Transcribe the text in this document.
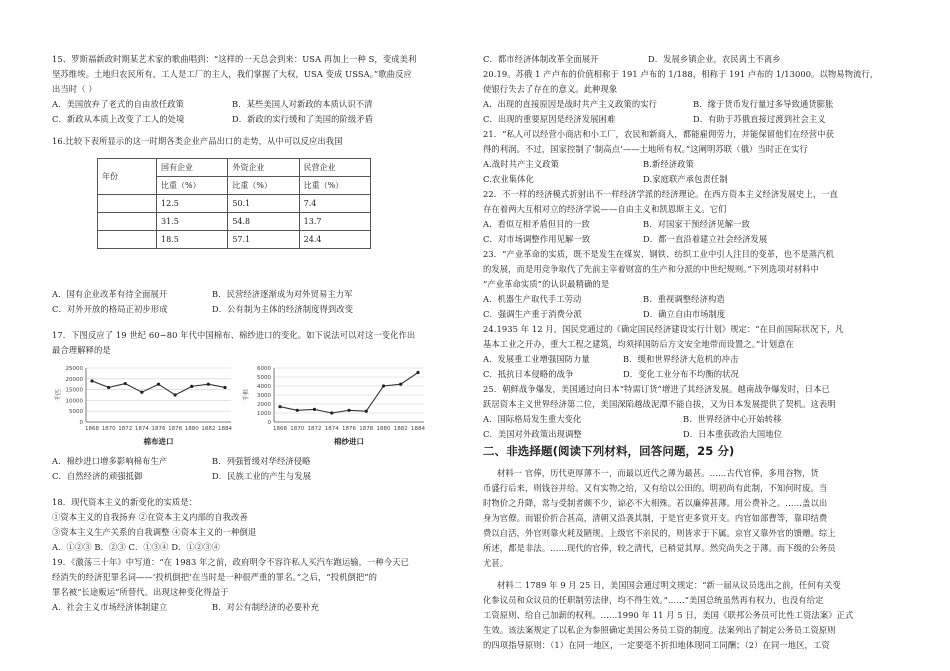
15、罗斯福新政时期某艺术家的歌曲唱到：“这样的一天总会到来：USA 再加上一种 S，变成美利
坚苏维埃。土地归农民所有，工人是工厂的主人，我们掌握了大权，USA 变成 USSA。”歌曲反应
出当时（ ）
A．美国放弃了老式的自由放任政策	B．某些美国人对新政的本质认识不清
C．新政从本质上改变了工人的处境	D．新政的实行缓和了美国的阶级矛盾
16.比较下表所显示的这一时期各类企业产品出口的走势，从中可以反应出我国
年份	国有企业	外资企业	民营企业
	比重（%）	比重（%）	比重（%）
	12.5	50.1	7.4
	31.5	54.8	13.7
	18.5	57.1	24.4
A．国有企业改革有待全面展开	B．民营经济逐渐成为对外贸易主力军
C．对外开放的格局正初步形成	D．公有制为主体的经济制度得到改变
17．下图反应了 19 世纪 60∽80 年代中国棉布、棉纱进口的变化。如下说法可以对这一变化作出
最合理解释的是
25000
20000
15000
10000
5000
0
千匹
1868 1870 1872 1874 1876 1878 1880 1882 1884
棉布进口
6000
5000
4000
3000
2000
1000
0
千担
1868 1870 1872 1874 1876 1878 1880 1882 1884
棉纱进口
A．棉纱进口增多影响棉布生产	B．列强暂缓对华经济侵略
C．自然经济的顽强抵御	D．民族工业的产生与发展
18．现代资本主义的新变化的实质是：
①资本主义的自我扬弃 ②在资本主义内部的自我改善
③资本主义生产关系的自我调整 ④资本主义的一种倒退
A．①②③ B．②③ C．①③④ D．①②③④
19．《激荡三十年》中写道：“在 1983 年之前，政府明令不容许私人买汽车跑运输，一种今天已
经消失的经济犯罪名词——‘投机倒把’在当时是一种很严重的罪名。”之后，“投机倒把”的
罪名被“长途贩运”所替代。出现这种变化得益于
A．社会主义市场经济体制建立	B．对公有制经济的必要补充
C．都市经济体制改革全面展开	D．发展乡镇企业，农民离土不离乡
20.19。苏俄 1 产卢布的价值相称于 191 卢布的 1/188，相称于 191 卢布的 1/13000。以物易物流行，
使银行失去了存在的意义。此种现象
A．出现的直接原因是战时共产主义政策的实行	B．缘于货币发行量过多导致通货膨胀
C．出现的重要原因是经济发展困难	D．有助于苏俄直接过渡到社会主义
21．“私人可以经营小商店和小工厂，农民和新商人，都能雇佣劳力，并能保留他们在经营中获
得的利润。不过，国家控制了‘制高点’——土地所有权。”这阐明苏联（俄）当时正在实行
A.战时共产主义政策	B.新经济政策
C.农业集体化	D.家庭联产承包责任制
22．不一样的经济模式折射出不一样经济学派的经济理论。在西方资本主义经济发展史上，一直
存在着两大互相对立的经济学说——自由主义和凯恩斯主义。它们
A．看似互相矛盾但目的一致	B．对国家干预经济见解一致
C．对市场调整作用见解一致	D．都一直沿着建立社会经济发展
23．“产业革命的实质，既不是发生在煤炭、钢铁、纺织工业中引人注目的变革，也不是蒸汽机
的发展，而是用竞争取代了先前主宰着财富的生产和分派的中世纪规则。”下列选项对材料中
“产业革命实质”的认识最精确的是
A．机器生产取代手工劳动	B．重视调整经济构造
C．强调生产重于消费分派	D．确立自由市场制度
24.1935 年 12 月，国民党通过的《确定国民经济建设实行计划》规定：“在目前国际状况下，凡
基本工业之开办，重大工程之建筑，均须择国防后方文安全地带而设置之。”计划意在
A．发展重工业增强国防力量	B．缓和世界经济大危机的冲击
C．抵抗日本侵略的战争	D．变化工业分布不均衡的状况
25．朝鲜战争爆发，美国通过向日本“特需订货”增进了其经济发展。越南战争爆发时，日本已
跃居资本主义世界经济第二位，美国深陷越战泥潭不能自拔，又为日本发展提供了契机。这表明
A．国际格局发生重大变化	B．世界经济中心开始转移
C．美国对外政策出现调整	D．日本重获政治大国地位
二、非选择题(阅读下列材料，回答问题，25 分)
材料一 官俸，历代更厚薄不一，而最以近代之薄为最甚。……古代官俸，多用谷物，货
币盛行后来，则钱谷并给。又有实物之给，又有给以公田的。明初尚有此制，不知何时废。当
时物价之升降，常与受制者颇不少，谅必不大相殊。若以廉俸甚薄。用公费补之。……盖以出
身为官僚。而银价折合甚高，清朝又沿袭其制，于是官吏多赏开支。内官如部曹等，靠印结费
费以自活，外官则靠火耗及陋规。上级官不亲民的，则皆求于下属。京官又靠外官的馈赠。综上
所述，都是非法。……现代的官俸，较之清代，已稍觉其厚。然究尚失之于薄。而下级的公务员
尤甚。
材料二 1789 年 9 月 25 日，美国国会通过明文规定：“新一届从议员选出之前，任何有关变
化参议员和众议员的任职制劳法律，均不得生效。”……“美国总统虽然再有权力，也没有给定
工资原则、给自己加薪的权利。……1990 年 11 月 5 日，美国《联邦公务员可比性工资法案》正式
生效。该法案规定了以私企为参照确定美国公务员工资的制度。法案列出了制定公务员工资原则
的四项指导原则：（1）在同一地区，一定要毫不折扣地体现同工同酬；（2）在同一地区，工资
